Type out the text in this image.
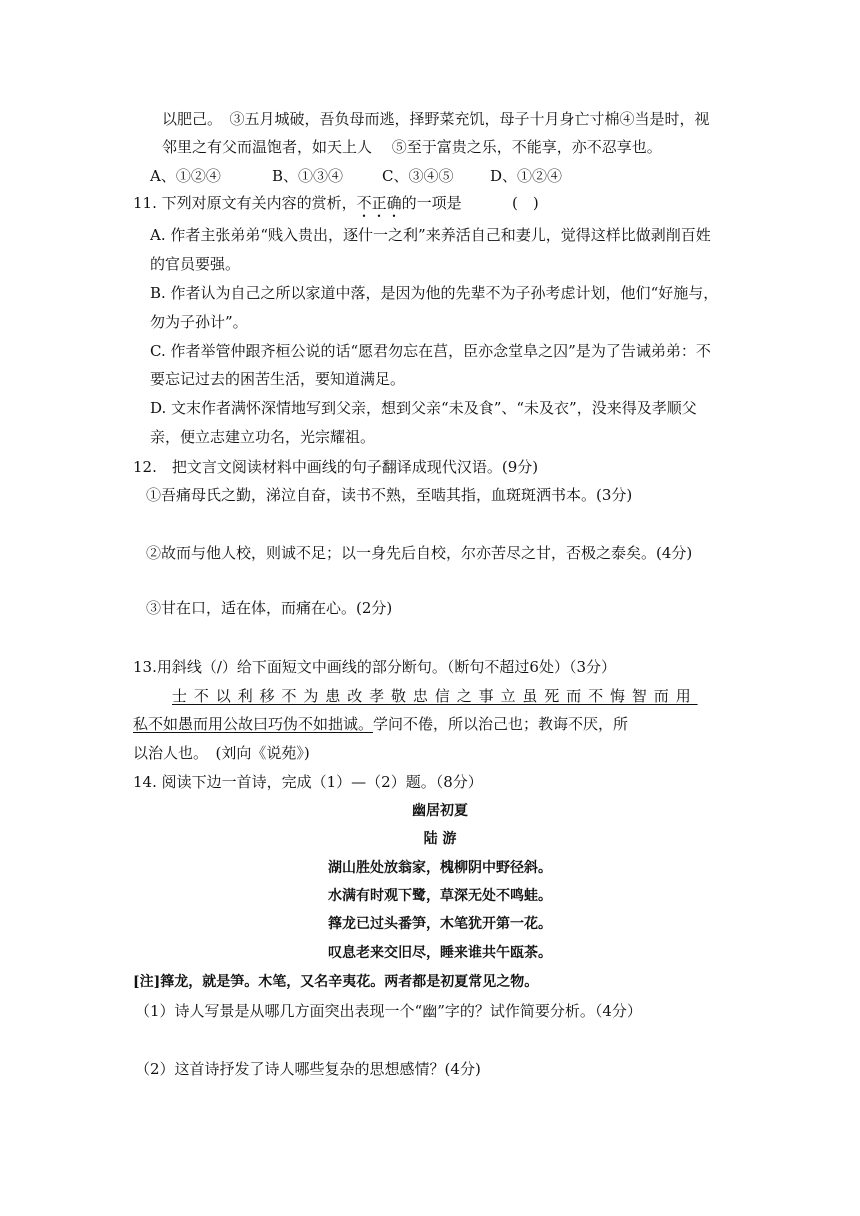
以肥己。　③五月城破，吾负母而逃，择野菜充饥，母子十月身亡寸棉④当是时，视
邻里之有父而温饱者，如天上人　 ⑤至于富贵之乐，不能享，亦不忍享也。
A、①②④	B、①③④	C、③④⑤ D、①②④
11. 下列对原文有关内容的赏析，不正确的一项是	(　)
A. 作者主张弟弟“贱入贵出，逐什一之利”来养活自己和妻儿，觉得这样比做剥削百姓
的官员要强。
B. 作者认为自己之所以家道中落，是因为他的先辈不为子孙考虑计划，他们“好施与，
勿为子孙计”。
C. 作者举管仲跟齐桓公说的话“愿君勿忘在莒，臣亦念堂阜之囚”是为了告诫弟弟：不
要忘记过去的困苦生活，要知道满足。
D. 文末作者满怀深情地写到父亲，想到父亲“未及食”、“未及衣”，没来得及孝顺父
亲，便立志建立功名，光宗耀祖。
12.　把文言文阅读材料中画线的句子翻译成现代汉语。(9分)
①吾痛母氏之勤，涕泣自奋，读书不熟，至啮其指，血斑斑洒书本。(3分)
②故而与他人校，则诚不足；以一身先后自校，尔亦苦尽之甘，否极之泰矣。(4分)
③甘在口，适在体，而痛在心。(2分)
13.用斜线（/）给下面短文中画线的部分断句。（断句不超过6处）（3分）
士不以利移不为患改孝敬忠信之事立虽死而不悔智而用
私不如愚而用公故曰巧伪不如拙诚。学问不倦，所以治己也；教诲不厌，所
以治人也。　(刘向《说苑》)
14. 阅读下边一首诗，完成（1）—（2）题。（8分）
幽居初夏
陆 游
湖山胜处放翁家，槐柳阴中野径斜。
水满有时观下鹭，草深无处不鸣蛙。
箨龙已过头番笋，木笔犹开第一花。
叹息老来交旧尽，睡来谁共午瓯茶。
[注]箨龙，就是笋。木笔，又名辛夷花。两者都是初夏常见之物。
（1）诗人写景是从哪几方面突出表现一个“幽”字的？试作简要分析。（4分）
（2）这首诗抒发了诗人哪些复杂的思想感情？(4分)
